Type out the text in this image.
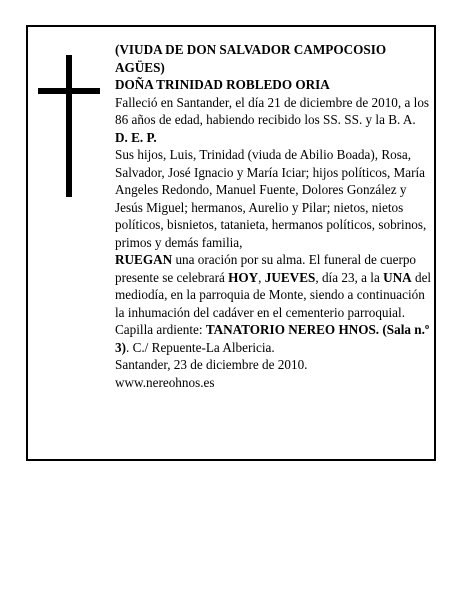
(VIUDA DE DON SALVADOR CAMPOCOSIO AGÜES)

DOÑA TRINIDAD ROBLEDO ORIA

Falleció en Santander, el día 21 de diciembre de 2010, a los 86 años de edad, habiendo recibido los SS. SS. y la B. A.

D. E. P.

Sus hijos, Luis, Trinidad (viuda de Abilio Boada), Rosa, Salvador, José Ignacio y María Iciar; hijos políticos, María Angeles Redondo, Manuel Fuente, Dolores González y Jesús Miguel; hermanos, Aurelio y Pilar; nietos, nietos políticos, bisnietos, tatanieta, hermanos políticos, sobrinos, primos y demás familia,

RUEGAN una oración por su alma. El funeral de cuerpo presente se celebrará HOY, JUEVES, día 23, a la UNA del mediodía, en la parroquia de Monte, siendo a continuación la inhumación del cadáver en el cementerio parroquial.

Capilla ardiente: TANATORIO NEREO HNOS. (Sala n.º 3). C./ Repuente-La Albericia.

Santander, 23 de diciembre de 2010.

www.nereohnos.es
